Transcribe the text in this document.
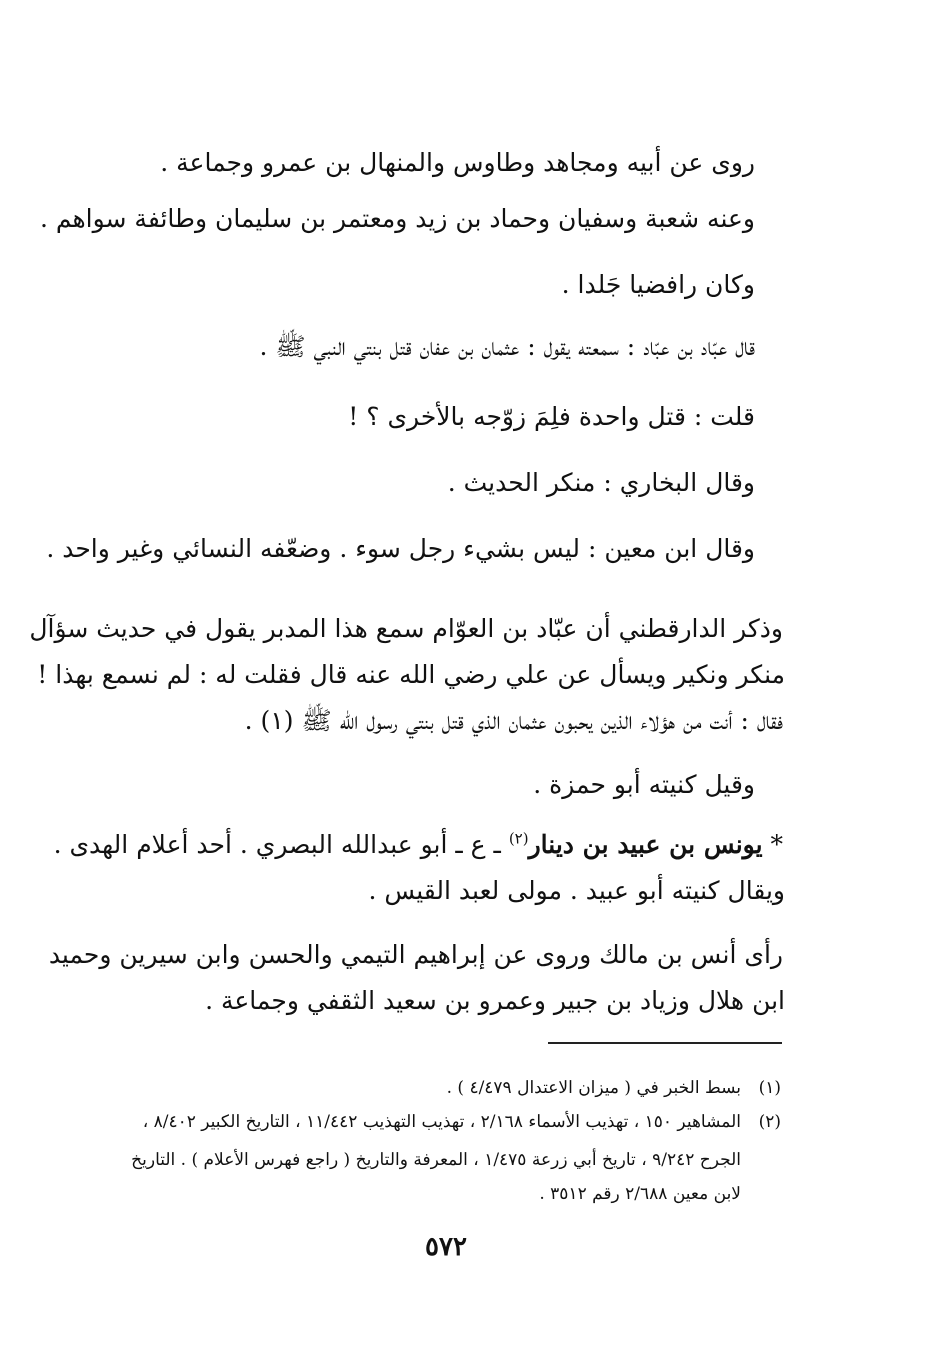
روى عن أبيه ومجاهد وطاوس والمنهال بن عمرو وجماعة .
وعنه شعبة وسفيان وحماد بن زيد ومعتمر بن سليمان وطائفة سواهم .
وكان رافضيا جَلدا .
قال عبّاد بن عبّاد : سمعته يقول : عثمان بن عفان قتل بنتي النبي ﷺ .
قلت : قتل واحدة فلِمَ زوّجه بالأخرى ؟ !
وقال البخاري : منكر الحديث .
وقال ابن معين : ليس بشيء رجل سوء . وضعّفه النسائي وغير واحد .
وذكر الدارقطني أن عبّاد بن العوّام سمع هذا المدبر يقول في حديث سؤآل
منكر ونكير ويسأل عن علي رضي الله عنه قال فقلت له : لم نسمع بهذا !
فقال : أنت من هؤلاء الذين يحبون عثمان الذي قتل بنتي رسول الله ﷺ (١) .
وقيل كنيته أبو حمزة .
* يونس بن عبيد بن دينار$^{(٢)}$ ـ ع ـ أبو عبدالله البصري . أحد أعلام الهدى .
ويقال كنيته أبو عبيد . مولى لعبد القيس .
رأى أنس بن مالك وروى عن إبراهيم التيمي والحسن وابن سيرين وحميد
ابن هلال وزياد بن جبير وعمرو بن سعيد الثقفي وجماعة .
(١)
بسط الخبر في ( ميزان الاعتدال ٤/٤٧٩ ) .
(٢)
المشاهير ١٥٠ ، تهذيب الأسماء ٢/١٦٨ ، تهذيب التهذيب ١١/٤٤٢ ، التاريخ الكبير ٨/٤٠٢ ،
الجرح ٩/٢٤٢ ، تاريخ أبي زرعة ١/٤٧٥ ، المعرفة والتاريخ ( راجع فهرس الأعلام ) . التاريخ
لابن معين ٢/٦٨٨ رقم ٣٥١٢ .
٥٧٢
